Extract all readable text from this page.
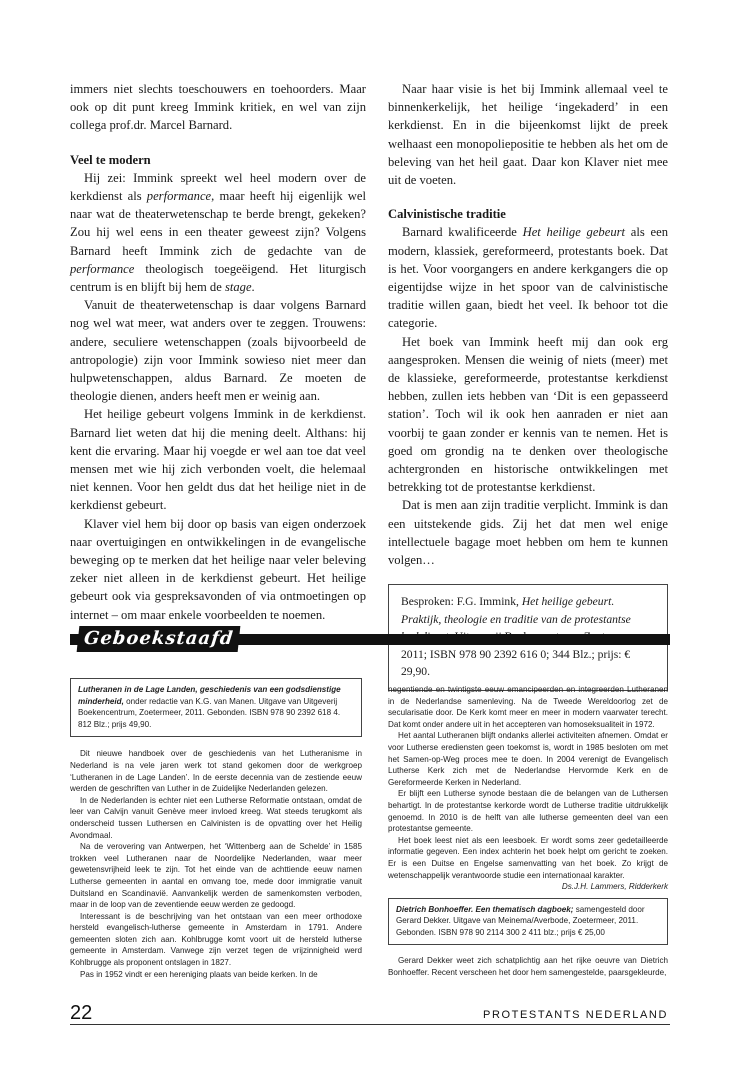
immers niet slechts toeschouwers en toehoorders. Maar ook op dit punt kreeg Immink kritiek, en wel van zijn collega prof.dr. Marcel Barnard.

Veel te modern

Hij zei: Immink spreekt wel heel modern over de kerkdienst als performance, maar heeft hij eigenlijk wel naar wat de theaterwetenschap te berde brengt, gekeken? Zou hij wel eens in een theater geweest zijn? Volgens Barnard heeft Immink zich de gedachte van de performance theologisch toegeëigend. Het liturgisch centrum is en blijft bij hem de stage.

Vanuit de theaterwetenschap is daar volgens Barnard nog wel wat meer, wat anders over te zeggen. Trouwens: andere, seculiere wetenschappen (zoals bijvoorbeeld de antropologie) zijn voor Immink sowieso niet meer dan hulpwetenschappen, aldus Barnard. Ze moeten de theologie dienen, anders heeft men er weinig aan.

Het heilige gebeurt volgens Immink in de kerkdienst. Barnard liet weten dat hij die mening deelt. Althans: hij kent die ervaring. Maar hij voegde er wel aan toe dat veel mensen met wie hij zich verbonden voelt, die helemaal niet kennen. Voor hen geldt dus dat het heilige niet in de kerkdienst gebeurt.

Klaver viel hem bij door op basis van eigen onderzoek naar overtuigingen en ontwikkelingen in de evangelische beweging op te merken dat het heilige naar veler beleving zeker niet alleen in de kerkdienst gebeurt. Het heilige gebeurt ook via gespreksavonden of via ontmoetingen op internet – om maar enkele voorbeelden te noemen.

Naar haar visie is het bij Immink allemaal veel te binnenkerkelijk, het heilige ‘ingekaderd’ in een kerkdienst. En in die bijeenkomst lijkt de preek welhaast een monopoliepositie te hebben als het om de beleving van het heil gaat. Daar kon Klaver niet mee uit de voeten.

Calvinistische traditie

Barnard kwalificeerde Het heilige gebeurt als een modern, klassiek, gereformeerd, protestants boek. Dat is het. Voor voorgangers en andere kerkgangers die op eigentijdse wijze in het spoor van de calvinistische traditie willen gaan, biedt het veel. Ik behoor tot die categorie.

Het boek van Immink heeft mij dan ook erg aangesproken. Mensen die weinig of niets (meer) met de klassieke, gereformeerde, protestantse kerkdienst hebben, zullen iets hebben van ‘Dit is een gepasseerd station’. Toch wil ik ook hen aanraden er niet aan voorbij te gaan zonder er kennis van te nemen. Het is goed om grondig na te denken over theologische achtergronden en historische ontwikkelingen met betrekking tot de protestantse kerkdienst.

Dat is men aan zijn traditie verplicht. Immink is dan een uitstekende gids. Zij het dat men wel enige intellectuele bagage moet hebben om hem te kunnen volgen…

Besproken: F.G. Immink, Het heilige gebeurt. Praktijk, theologie en traditie van de protestantse 2011; ISBN 978 90 2392 616 0; 344 Blz.; prijs: € 29,90.
Geboekstaafd
Lutheranen in de Lage Landen, geschiedenis van een godsdienstige minderheid, onder redactie van K.G. van Manen. Uitgave van Uitgeverij Boekencentrum, Zoetermeer, 2011. Gebonden. ISBN 978 90 2392 618 4. 812 Blz.; prijs 49,90.

Dit nieuwe handboek over de geschiedenis van het Lutheranisme in Nederland is na vele jaren werk tot stand gekomen door de werkgroep ‘Lutheranen in de Lage Landen’. In de eerste decennia van de zestiende eeuw werden de geschriften van Luther in de Zuidelijke Nederlanden gelezen.

In de Nederlanden is echter niet een Lutherse Reformatie ontstaan, omdat de leer van Calvijn vanuit Genève meer invloed kreeg. Wat steeds terugkomt als onderscheid tussen Luthersen en Calvinisten is de opvatting over het Heilig Avondmaal.

Na de verovering van Antwerpen, het ‘Wittenberg aan de Schelde’ in 1585 trokken veel Lutheranen naar de Noordelijke Nederlanden, waar meer gewetensvrijheid leek te zijn. Tot het einde van de achttiende eeuw namen Lutherse gemeenten in aantal en omvang toe, mede door immigratie vanuit Duitsland en Scandinavië. Aanvankelijk werden de samenkomsten verboden, maar in de loop van de zeventiende eeuw werden ze gedoogd.

Interessant is de beschrijving van het ontstaan van een meer orthodoxe hersteld evangelisch-lutherse gemeente in Amsterdam in 1791. Andere gemeenten sloten zich aan. Kohlbrugge komt voort uit de hersteld lutherse gemeente in Amsterdam. Vanwege zijn verzet tegen de vrijzinnigheid werd Kohlbrugge als proponent ontslagen in 1827.

Pas in 1952 vindt er een hereniging plaats van beide kerken. In de

negentiende en twintigste eeuw emancipeerden en integreerden Lutheranen in de Nederlandse samenleving. Na de Tweede Wereldoorlog zet de secularisatie door. De Kerk komt meer en meer in modern vaarwater terecht. Dat komt onder andere uit in het accepteren van homoseksualiteit in 1972.

Het aantal Lutheranen blijft ondanks allerlei activiteiten afnemen. Omdat er voor Lutherse erediensten geen toekomst is, wordt in 1985 besloten om met het Samen-op-Weg proces mee te doen. In 2004 verenigt de Evangelisch Lutherse Kerk zich met de Nederlandse Hervormde Kerk en de Gereformeerde Kerken in Nederland.

Er blijft een Lutherse synode bestaan die de belangen van de Luthersen behartigt. In de protestantse kerkorde wordt de Lutherse traditie uitdrukkelijk genoemd. In 2010 is de helft van alle lutherse gemeenten deel van een protestantse gemeente.

Het boek leest niet als een leesboek. Er wordt soms zeer gedetailleerde informatie gegeven. Een index achterin het boek helpt om gericht te zoeken. Er is een Duitse en Engelse samenvatting van het boek. Zo krijgt de wetenschappelijk verantwoorde studie een internationaal karakter.

Ds.J.H. Lammers, Ridderkerk

Dietrich Bonhoeffer. Een thematisch dagboek; samengesteld door Gerard Dekker. Uitgave van Meinema/Averbode, Zoetermeer, 2011. Gebonden. ISBN 978 90 2114 300 2 411 blz.; prijs € 25,00

Gerard Dekker weet zich schatplichtig aan het rijke oeuvre van Dietrich Bonhoeffer. Recent verscheen het door hem samengestelde, paarsgekleurde,

22	PROTESTANTS NEDERLAND
